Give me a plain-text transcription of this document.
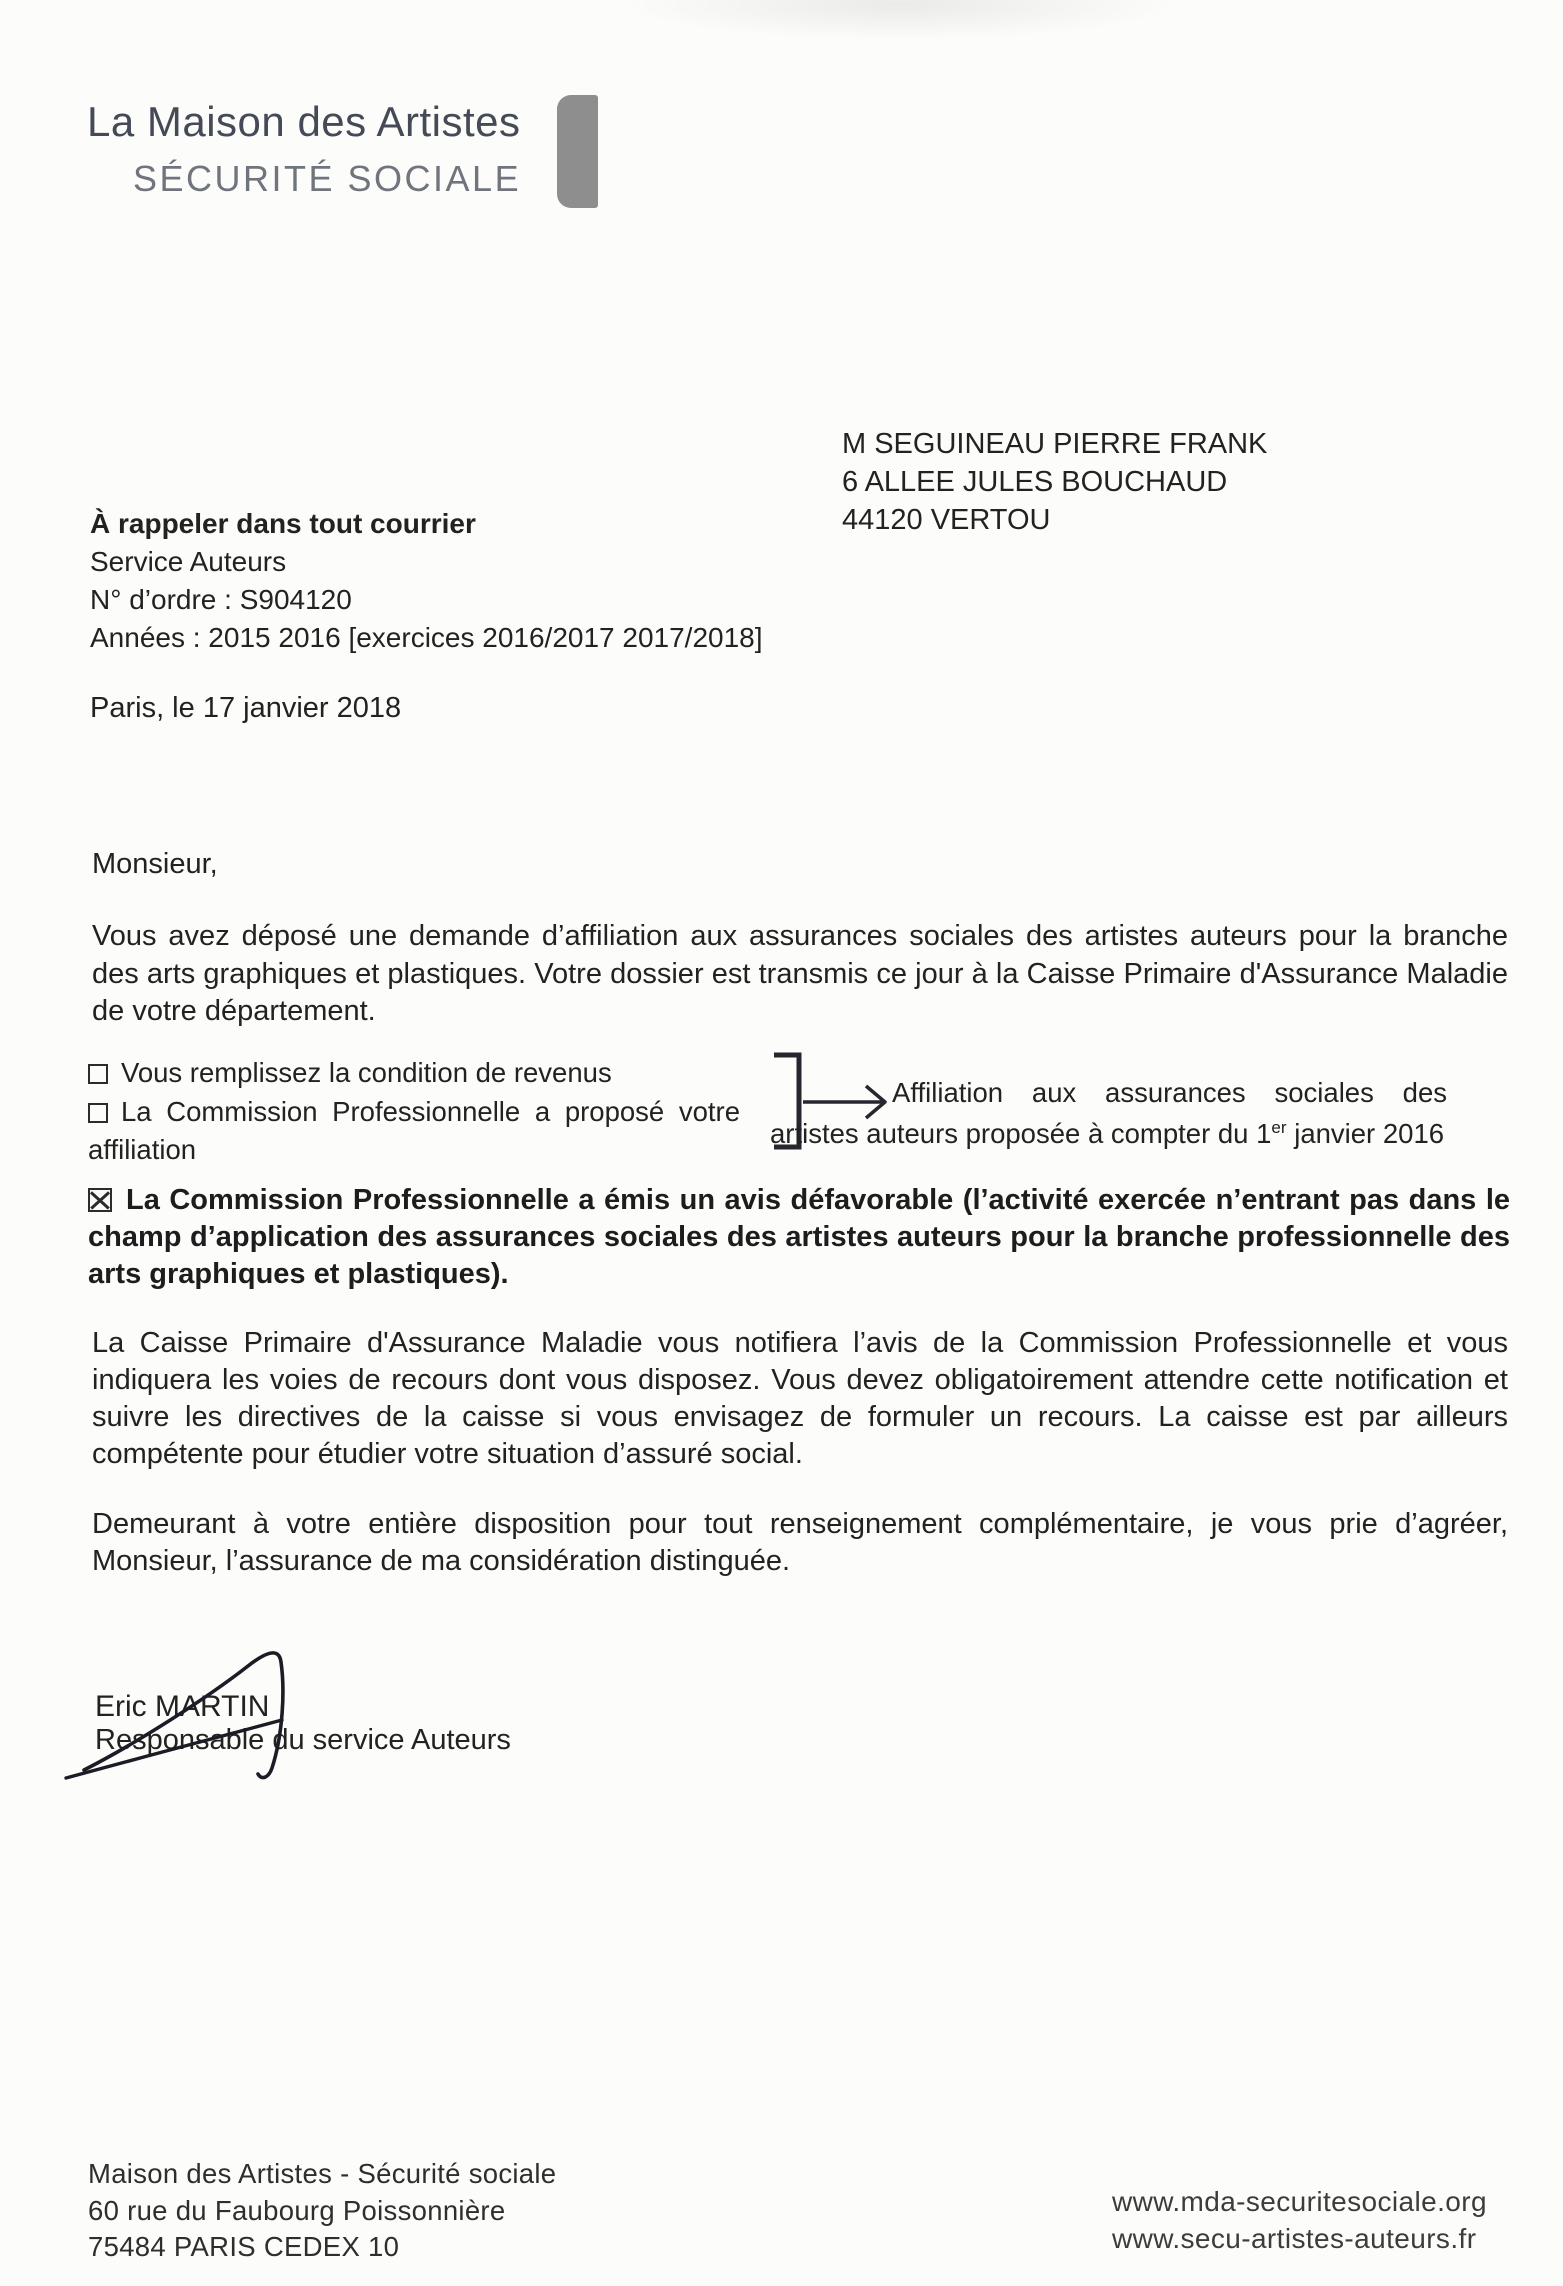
La Maison des Artistes
SÉCURITÉ SOCIALE

M SEGUINEAU PIERRE FRANK

6 ALLEE JULES BOUCHAUD

44120 VERTOU

À rappeler dans tout courrier

Service Auteurs

N° d’ordre : S904120

Années : 2015 2016 [exercices 2016/2017 2017/2018]

Paris, le 17 janvier 2018
Monsieur,

Vous avez déposé une demande d’affiliation aux assurances sociales des artistes auteurs pour la branche des arts graphiques et plastiques. Votre dossier est transmis ce jour à la Caisse Primaire d'Assurance Maladie de votre département.

Vous remplissez la condition de revenus

La Commission Professionnelle a proposé votre affiliation

Affiliation aux assurances sociales des artistes auteurs proposée à compter du 1er janvier 2016

La Commission Professionnelle a émis un avis défavorable (l’activité exercée n’entrant pas dans le champ d’application des assurances sociales des artistes auteurs pour la branche professionnelle des arts graphiques et plastiques).

La Caisse Primaire d'Assurance Maladie vous notifiera l’avis de la Commission Professionnelle et vous indiquera les voies de recours dont vous disposez. Vous devez obligatoirement attendre cette notification et suivre les directives de la caisse si vous envisagez de formuler un recours. La caisse est par ailleurs compétente pour étudier votre situation d’assuré social.

Demeurant à votre entière disposition pour tout renseignement complémentaire, je vous prie d’agréer, Monsieur, l’assurance de ma considération distinguée.

Eric MARTIN
Responsable du service Auteurs

Maison des Artistes - Sécurité sociale

60 rue du Faubourg Poissonnière

75484 PARIS CEDEX 10

www.mda-securitesociale.org

www.secu-artistes-auteurs.fr
